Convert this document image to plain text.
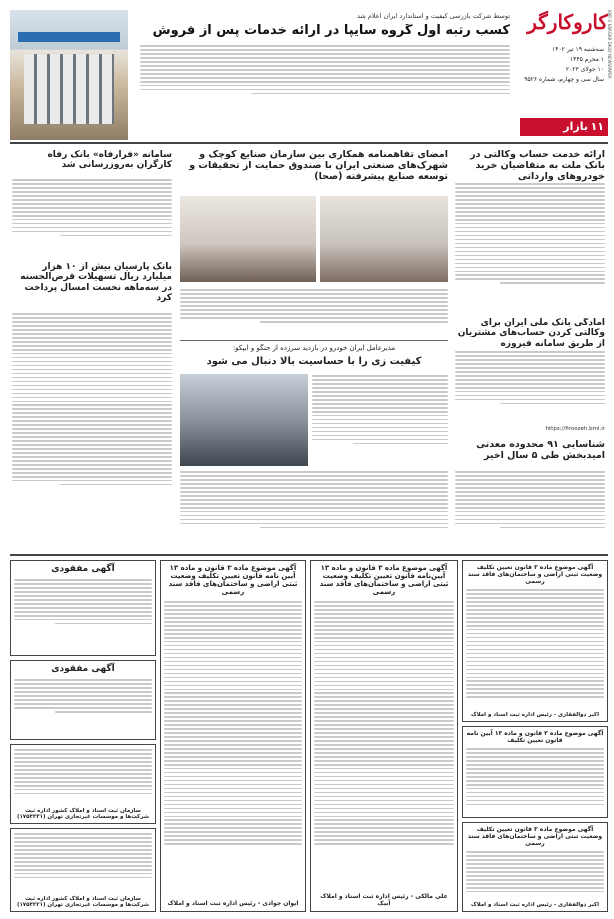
کاروکارگر
سه‌شنبه ۱۹ تیر ۱۴۰۲
۱ محرم ۱۴۴۵
۱۰ جولای ۲۰۲۳
سال سی و چهارم، شماره ۹۵۲۶
KAR O KARGAR DAILY NEWSPAPER
بازار ۱۱
توسط شرکت بازرسی کیفیت و استاندارد ایران اعلام شد
کسب رتبه اول گروه سایپا در ارائه خدمات پس از فروش
ارائه خدمت حساب وکالتی در بانک ملت به متقاضیان خرید خودروهای وارداتی
آمادگی بانک ملی ایران برای وکالتی کردن حساب‌های مشتریان از طریق سامانه فیروزه
https://firoozeh.bmi.ir
شناسایی ۹۱ محدوده معدنی امیدبخش طی ۵ سال اخیر
امضای تفاهمنامه همکاری بین سازمان صنایع کوچک و شهرک‌های صنعتی ایران با صندوق حمایت از تحقیقات و توسعه صنایع پیشرفته (صحا)
مدیرعامل ایران خودرو در بازدید سرزده از جنگو و ایپکو:
کیفیت زی را با حساسیت بالا دنبال می شود
سامانه «فرارفاه» بانک رفاه کارگران به‌روزرسانی شد
بانک پارسیان بیش از ۱۰ هزار میلیارد ریال تسهیلات قرض‌الحسنه در سه‌ماهه نخست امسال پرداخت کرد
آگهی موضوع ماده ۳ قانون تعیین تکلیف وضعیت ثبتی اراضی و ساختمان‌های فاقد سند رسمی
اکبر ذوالفقاری - رئیس اداره ثبت اسناد و املاک
آگهی موضوع ماده ۳ قانون و ماده ۱۳ آیین نامه قانون تعیین تکلیف
آگهی موضوع ماده ۳ قانون تعیین تکلیف وضعیت ثبتی اراضی و ساختمان‌های فاقد سند رسمی
اکبر ذوالفقاری - رئیس اداره ثبت اسناد و املاک
آگهی موضوع ماده ۳ قانون و ماده ۱۳ آیین‌نامه قانون تعیین تکلیف وضعیت ثبتی اراضی و ساختمان‌های فاقد سند رسمی
علی مالکی - رئیس اداره ثبت اسناد و املاک آبیک
آگهی موضوع ماده ۳ قانون و ماده ۱۳ آیین نامه قانون تعیین تکلیف وضعیت ثبتی اراضی و ساختمان‌های فاقد سند رسمی
ایوان جوادی - رئیس اداره ثبت اسناد و املاک
آگهی مفقودی
آگهی مفقودی
سازمان ثبت اسناد و املاک کشور اداره ثبت شرکت‌ها و موسسات غیرتجاری تهران (۱۷۵۴۳۳۱)
سازمان ثبت اسناد و املاک کشور اداره ثبت شرکت‌ها و موسسات غیرتجاری تهران (۱۷۵۴۲۲۱)
